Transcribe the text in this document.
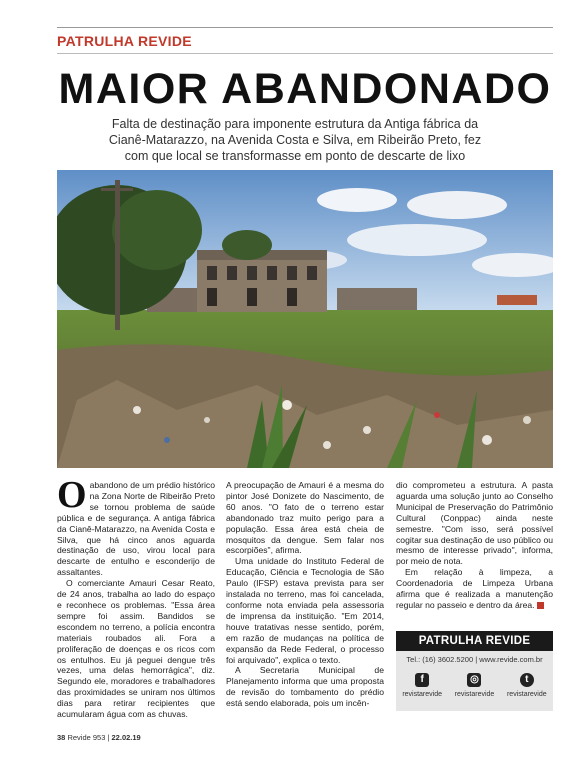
PATRULHA REVIDE
MAIOR ABANDONADO

Falta de destinação para imponente estrutura da Antiga fábrica da Cianê-Matarazzo, na Avenida Costa e Silva, em Ribeirão Preto, fez com que local se transformasse em ponto de descarte de lixo

Oabandono de um prédio histórico na Zona Norte de Ribeirão Preto se tornou problema de saúde pública e de segurança. A antiga fábrica da Cianê-Matarazzo, na Avenida Costa e Silva, que há cinco anos aguarda destinação de uso, virou local para descarte de entulho e esconderijo de assaltantes.

O comerciante Amauri Cesar Reato, de 24 anos, trabalha ao lado do espaço e reconhece os problemas. "Essa área sempre foi assim. Bandidos se escondem no terreno, a polícia encontra materiais roubados ali. Fora a proliferação de doenças e os ricos com os entulhos. Eu já peguei dengue três vezes, uma delas hemorrágica", diz. Segundo ele, moradores e trabalhadores das proximidades se uniram nos últimos dias para retirar recipientes que acumularam água com as chuvas.

A preocupação de Amauri é a mesma do pintor José Donizete do Nascimento, de 60 anos. "O fato de o terreno estar abandonado traz muito perigo para a população. Essa área está cheia de mosquitos da dengue. Sem falar nos escorpiões", afirma.

Uma unidade do Instituto Federal de Educação, Ciência e Tecnologia de São Paulo (IFSP) estava prevista para ser instalada no terreno, mas foi cancelada, conforme nota enviada pela assessoria de imprensa da instituição. "Em 2014, houve tratativas nesse sentido, porém, em razão de mudanças na política de expansão da Rede Federal, o processo foi arquivado", explica o texto.

A Secretaria Municipal de Planejamento informa que uma proposta de revisão do tombamento do prédio está sendo elaborada, pois um incên-

dio comprometeu a estrutura. A pasta aguarda uma solução junto ao Conselho Municipal de Preservação do Patrimônio Cultural (Conppac) ainda neste semestre. "Com isso, será possível cogitar sua destinação de uso público ou mesmo de interesse privado", informa, por meio de nota.

Em relação à limpeza, a Coordenadoria de Limpeza Urbana afirma que é realizada a manutenção regular no passeio e dentro da área.

PATRULHA REVIDE
Tel.: (16) 3602.5200 | www.revide.com.br
f
revistarevide
◎
revistarevide
t
revistarevide
38 Revide 953 | 22.02.19
